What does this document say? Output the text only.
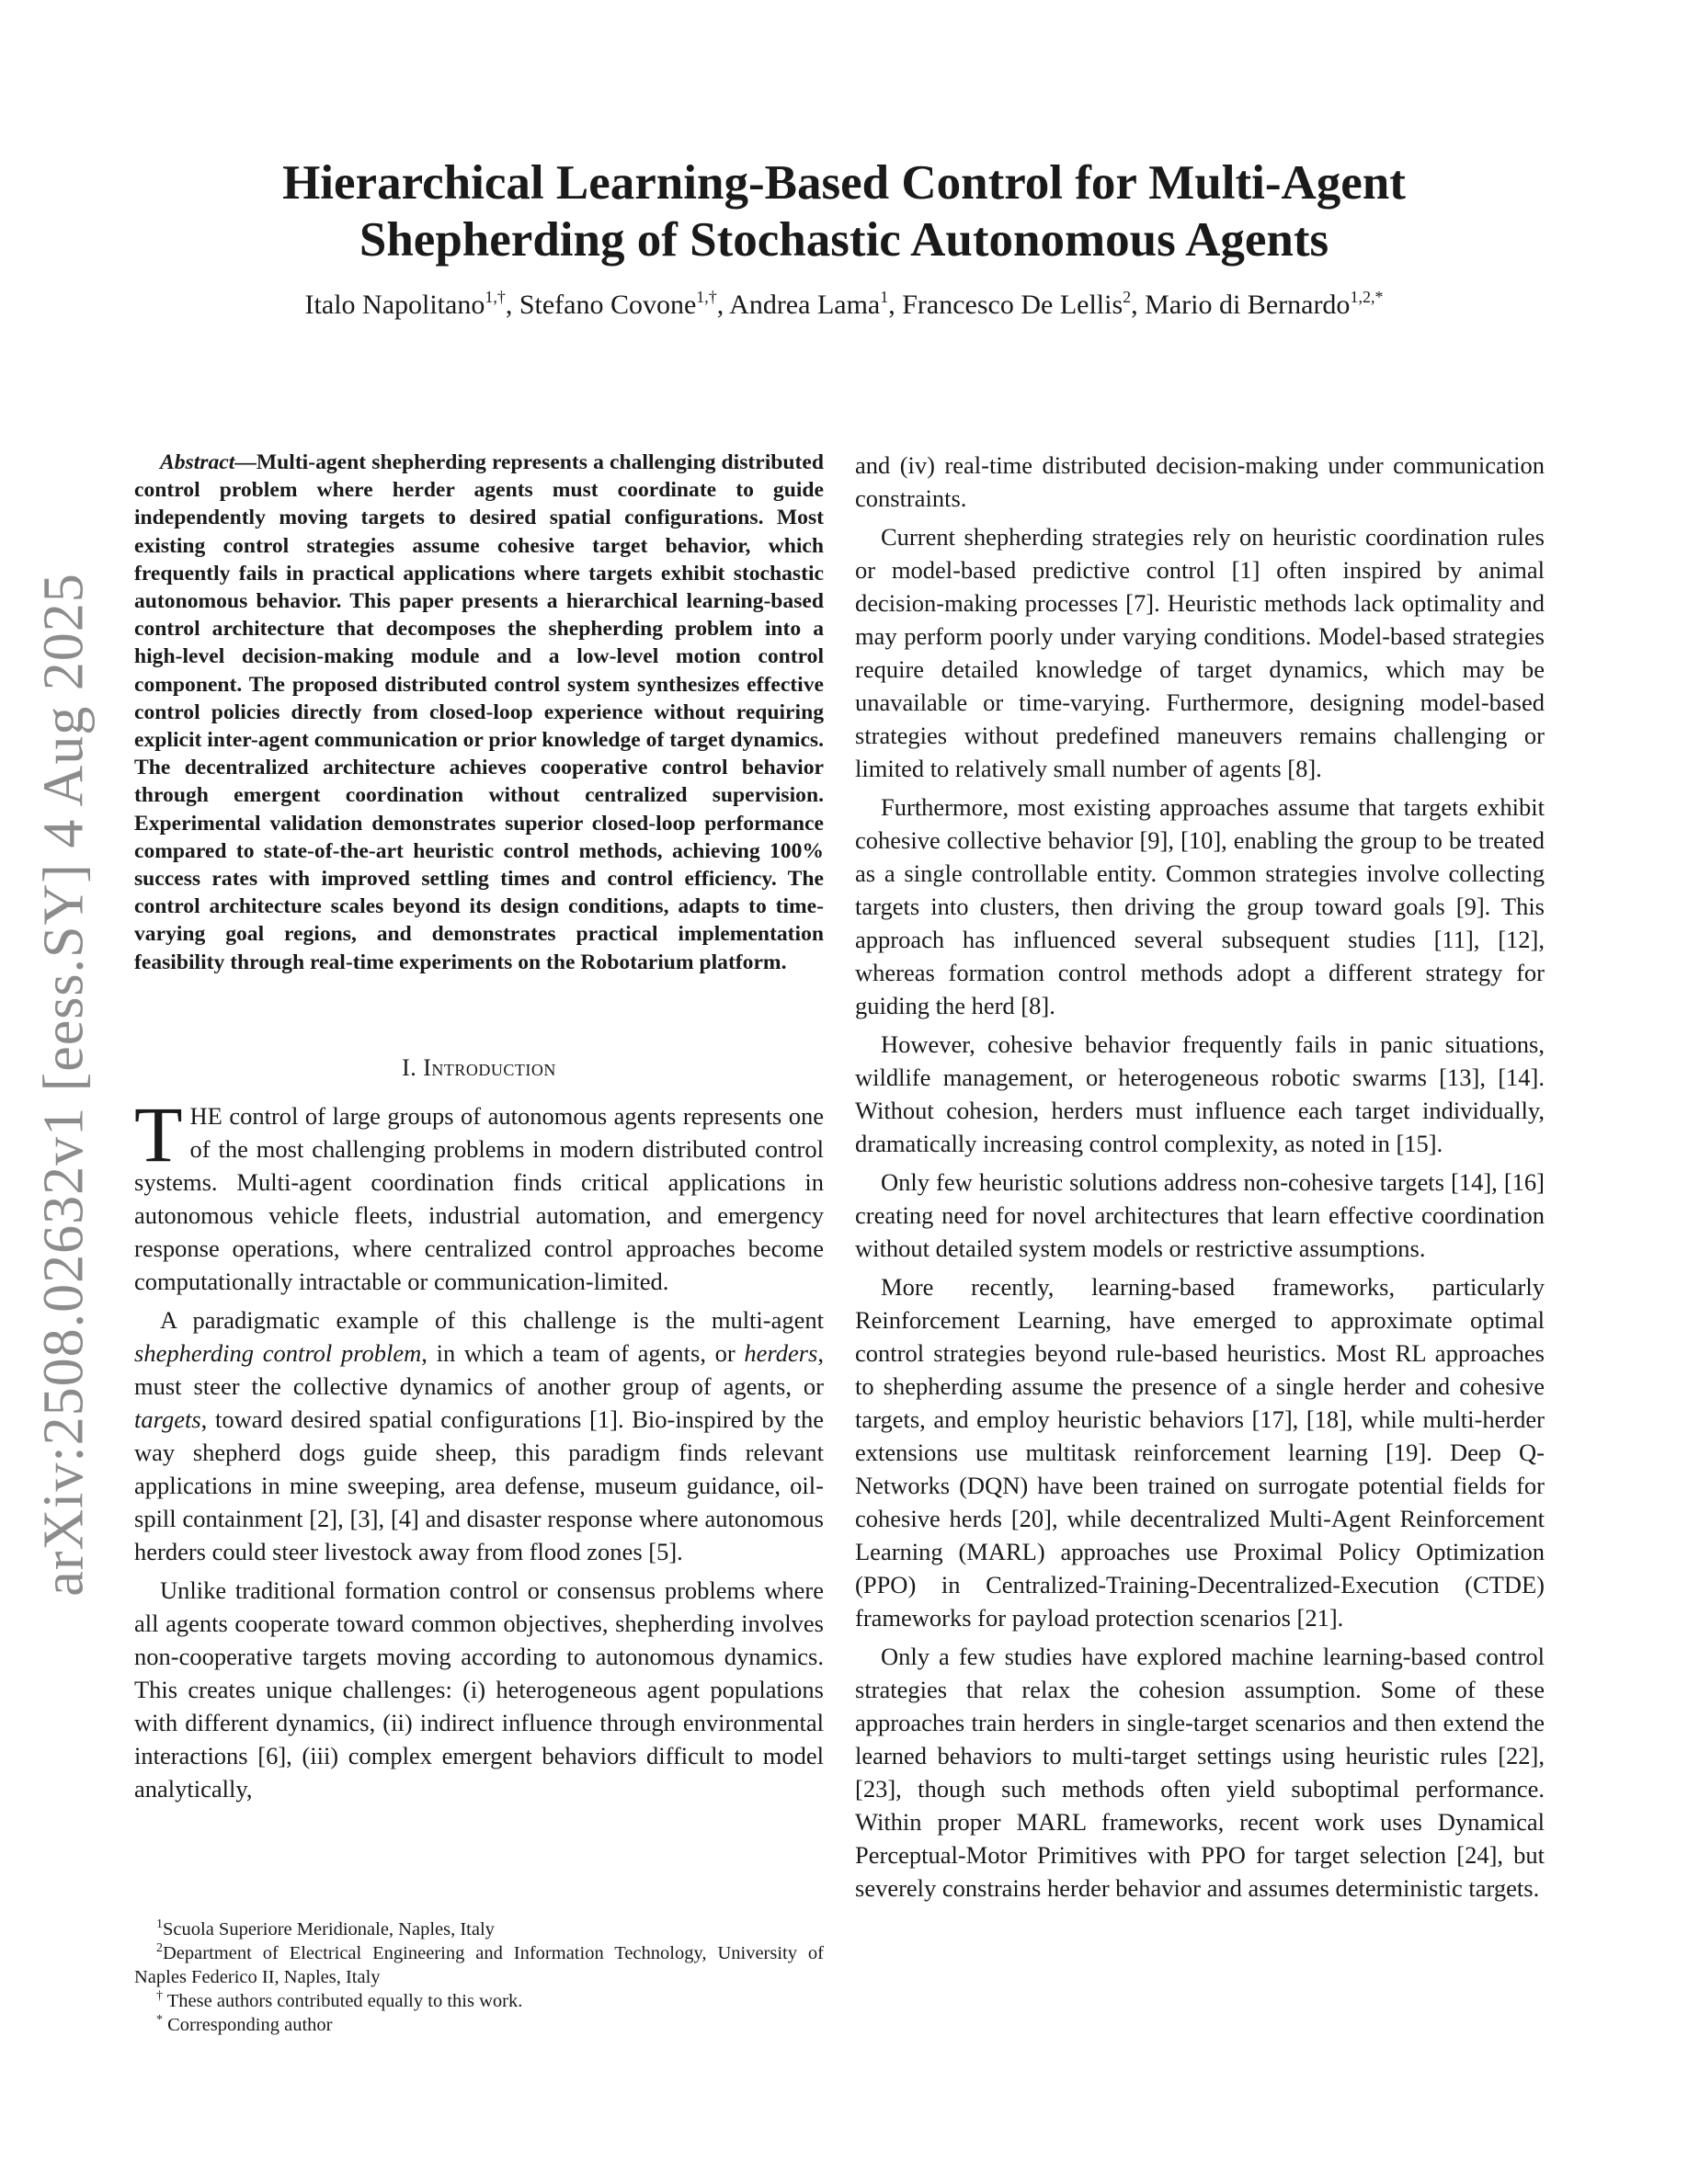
arXiv:2508.02632v1 [eess.SY] 4 Aug 2025
Hierarchical Learning-Based Control for Multi-Agent
Shepherding of Stochastic Autonomous Agents
Italo Napolitano$^{1,\dagger}$, Stefano Covone$^{1,\dagger}$, Andrea Lama$^1$, Francesco De Lellis$^2$, Mario di Bernardo$^{1,2,*}$

Abstract—Multi-agent shepherding represents a challenging distributed control problem where herder agents must coordinate to guide independently moving targets to desired spatial configurations. Most existing control strategies assume cohesive target behavior, which frequently fails in practical applications where targets exhibit stochastic autonomous behavior. This paper presents a hierarchical learning-based control architecture that decomposes the shepherding problem into a high-level decision-making module and a low-level motion control component. The proposed distributed control system synthesizes effective control policies directly from closed-loop experience without requiring explicit inter-agent communication or prior knowledge of target dynamics. The decentralized architecture achieves cooperative control behavior through emergent coordination without centralized supervision. Experimental validation demonstrates superior closed-loop performance compared to state-of-the-art heuristic control methods, achieving 100% success rates with improved settling times and control efficiency. The control architecture scales beyond its design conditions, adapts to time-varying goal regions, and demonstrates practical implementation feasibility through real-time experiments on the Robotarium platform.

I. Introduction

THE control of large groups of autonomous agents represents one of the most challenging problems in modern distributed control systems. Multi-agent coordination finds critical applications in autonomous vehicle fleets, industrial automation, and emergency response operations, where centralized control approaches become computationally intractable or communication-limited.

A paradigmatic example of this challenge is the multi-agent shepherding control problem, in which a team of agents, or herders, must steer the collective dynamics of another group of agents, or targets, toward desired spatial configurations [1]. Bio-inspired by the way shepherd dogs guide sheep, this paradigm finds relevant applications in mine sweeping, area defense, museum guidance, oil-spill containment [2], [3], [4] and disaster response where autonomous herders could steer livestock away from flood zones [5].

Unlike traditional formation control or consensus problems where all agents cooperate toward common objectives, shepherding involves non-cooperative targets moving according to autonomous dynamics. This creates unique challenges: (i) heterogeneous agent populations with different dynamics, (ii) indirect influence through environmental interactions [6], (iii) complex emergent behaviors difficult to model analytically,

$^1$Scuola Superiore Meridionale, Naples, Italy

$^2$Department of Electrical Engineering and Information Technology, University of Naples Federico II, Naples, Italy

† These authors contributed equally to this work.

* Corresponding author

and (iv) real-time distributed decision-making under communication constraints.

Current shepherding strategies rely on heuristic coordination rules or model-based predictive control [1] often inspired by animal decision-making processes [7]. Heuristic methods lack optimality and may perform poorly under varying conditions. Model-based strategies require detailed knowledge of target dynamics, which may be unavailable or time-varying. Furthermore, designing model-based strategies without predefined maneuvers remains challenging or limited to relatively small number of agents [8].

Furthermore, most existing approaches assume that targets exhibit cohesive collective behavior [9], [10], enabling the group to be treated as a single controllable entity. Common strategies involve collecting targets into clusters, then driving the group toward goals [9]. This approach has influenced several subsequent studies [11], [12], whereas formation control methods adopt a different strategy for guiding the herd [8].

However, cohesive behavior frequently fails in panic situations, wildlife management, or heterogeneous robotic swarms [13], [14]. Without cohesion, herders must influence each target individually, dramatically increasing control complexity, as noted in [15].

Only few heuristic solutions address non-cohesive targets [14], [16] creating need for novel architectures that learn effective coordination without detailed system models or restrictive assumptions.

More recently, learning-based frameworks, particularly Reinforcement Learning, have emerged to approximate optimal control strategies beyond rule-based heuristics. Most RL approaches to shepherding assume the presence of a single herder and cohesive targets, and employ heuristic behaviors [17], [18], while multi-herder extensions use multitask reinforcement learning [19]. Deep Q-Networks (DQN) have been trained on surrogate potential fields for cohesive herds [20], while decentralized Multi-Agent Reinforcement Learning (MARL) approaches use Proximal Policy Optimization (PPO) in Centralized-Training-Decentralized-Execution (CTDE) frameworks for payload protection scenarios [21].

Only a few studies have explored machine learning-based control strategies that relax the cohesion assumption. Some of these approaches train herders in single-target scenarios and then extend the learned behaviors to multi-target settings using heuristic rules [22], [23], though such methods often yield suboptimal performance. Within proper MARL frameworks, recent work uses Dynamical Perceptual-Motor Primitives with PPO for target selection [24], but severely constrains herder behavior and assumes deterministic targets.
